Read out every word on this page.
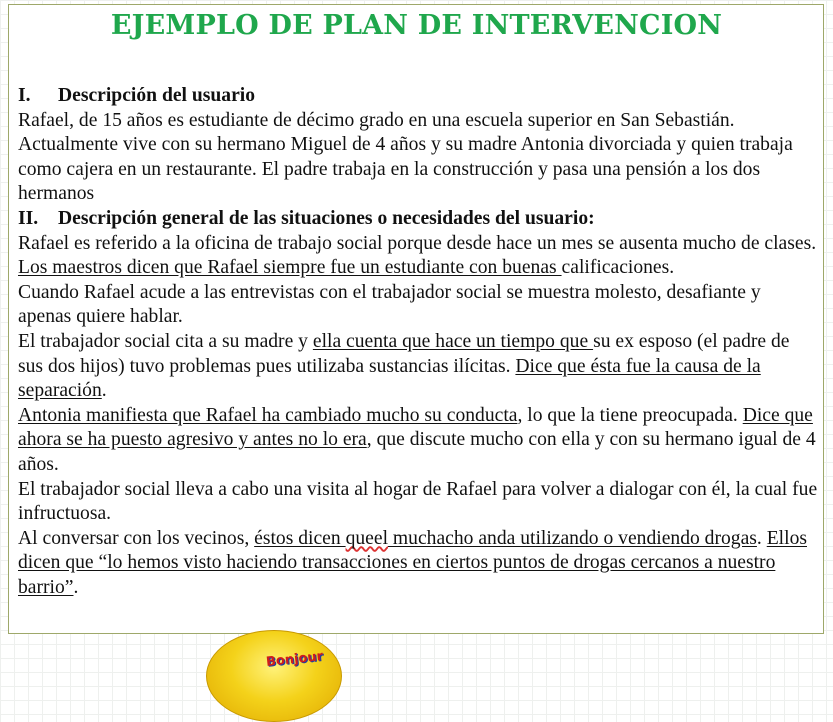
EJEMPLO DE PLAN DE INTERVENCION

I. Descripción del usuario

Rafael, de 15 años es estudiante de décimo grado en una escuela superior en San Sebastián. Actualmente vive con su hermano Miguel de 4 años y su madre Antonia divorciada y quien trabaja como cajera en un restaurante. El padre trabaja en la construcción y pasa una pensión a los dos hermanos

II. Descripción general de las situaciones o necesidades del usuario:

Rafael es referido a la oficina de trabajo social porque desde hace un mes se ausenta mucho de clases.

Los maestros dicen que Rafael siempre fue un estudiante con buenas calificaciones.

Cuando Rafael acude a las entrevistas con el trabajador social se muestra molesto, desafiante y apenas quiere hablar.

El trabajador social cita a su madre y ella cuenta que hace un tiempo que su ex esposo (el padre de sus dos hijos) tuvo problemas pues utilizaba sustancias ilícitas. Dice que ésta fue la causa de la separación.

Antonia manifiesta que Rafael ha cambiado mucho su conducta, lo que la tiene preocupada. Dice que ahora se ha puesto agresivo y antes no lo era, que discute mucho con ella y con su hermano igual de 4 años.

El trabajador social lleva a cabo una visita al hogar de Rafael para volver a dialogar con él, la cual fue infructuosa.

Al conversar con los vecinos, éstos dicen queel muchacho anda utilizando o vendiendo drogas. Ellos dicen que “lo hemos visto haciendo transacciones en ciertos puntos de drogas cercanos a nuestro barrio”.

Bonjour
